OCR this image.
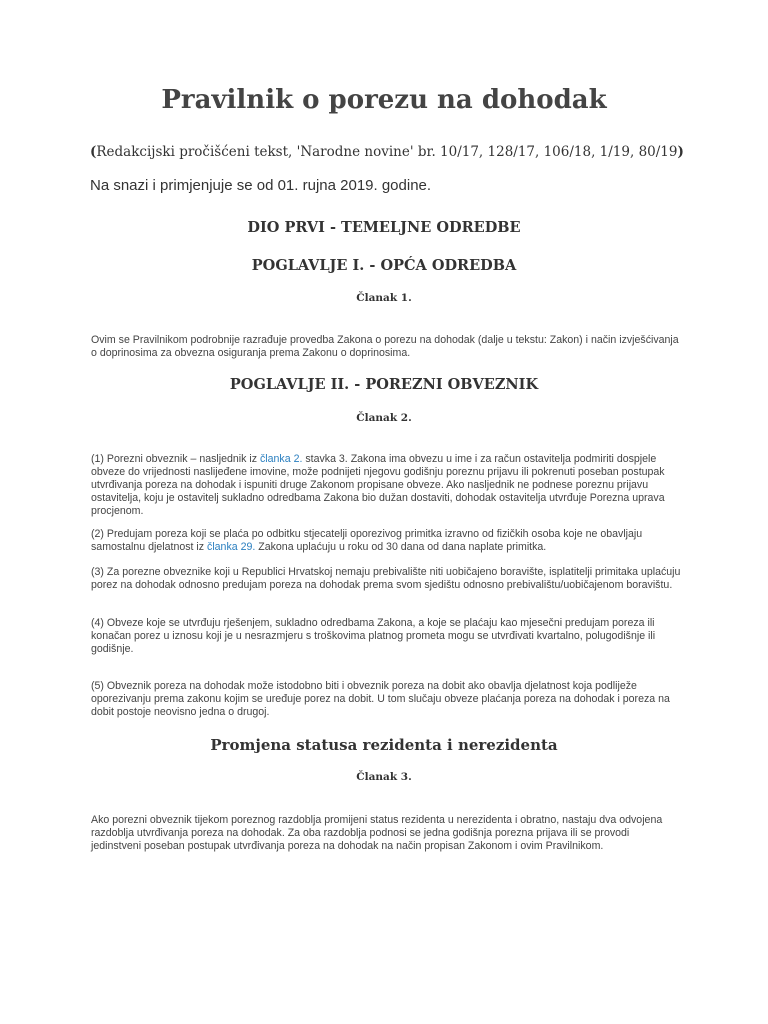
Pravilnik o porezu na dohodak
(Redakcijski pročišćeni tekst, 'Narodne novine' br. 10/17, 128/17, 106/18, 1/19, 80/19)
Na snazi i primjenjuje se od 01. rujna 2019. godine.
DIO PRVI - TEMELJNE ODREDBE
POGLAVLJE I. - OPĆA ODREDBA
Članak 1.

Ovim se Pravilnikom podrobnije razrađuje provedba Zakona o porezu na dohodak (dalje u tekstu: Zakon) i način izvješćivanja o doprinosima za obvezna osiguranja prema Zakonu o doprinosima.

POGLAVLJE II. - POREZNI OBVEZNIK
Članak 2.

(1) Porezni obveznik – nasljednik iz članka 2. stavka 3. Zakona ima obvezu u ime i za račun ostavitelja podmiriti dospjele obveze do vrijednosti naslijeđene imovine, može podnijeti njegovu godišnju poreznu prijavu ili pokrenuti poseban postupak utvrđivanja poreza na dohodak i ispuniti druge Zakonom propisane obveze. Ako nasljednik ne podnese poreznu prijavu ostavitelja, koju je ostavitelj sukladno odredbama Zakona bio dužan dostaviti, dohodak ostavitelja utvrđuje Porezna uprava procjenom.

(2) Predujam poreza koji se plaća po odbitku stjecatelji oporezivog primitka izravno od fizičkih osoba koje ne obavljaju samostalnu djelatnost iz članka 29. Zakona uplaćuju u roku od 30 dana od dana naplate primitka.

(3) Za porezne obveznike koji u Republici Hrvatskoj nemaju prebivalište niti uobičajeno boravište, isplatitelji primitaka uplaćuju porez na dohodak odnosno predujam poreza na dohodak prema svom sjedištu odnosno prebivalištu/uobičajenom boravištu.

(4) Obveze koje se utvrđuju rješenjem, sukladno odredbama Zakona, a koje se plaćaju kao mjesečni predujam poreza ili konačan porez u iznosu koji je u nesrazmjeru s troškovima platnog prometa mogu se utvrđivati kvartalno, polugodišnje ili godišnje.

(5) Obveznik poreza na dohodak može istodobno biti i obveznik poreza na dobit ako obavlja djelatnost koja podliježe oporezivanju prema zakonu kojim se uređuje porez na dobit. U tom slučaju obveze plaćanja poreza na dohodak i poreza na dobit postoje neovisno jedna o drugoj.

Promjena statusa rezidenta i nerezidenta
Članak 3.

Ako porezni obveznik tijekom poreznog razdoblja promijeni status rezidenta u nerezidenta i obratno, nastaju dva odvojena razdoblja utvrđivanja poreza na dohodak. Za oba razdoblja podnosi se jedna godišnja porezna prijava ili se provodi jedinstveni poseban postupak utvrđivanja poreza na dohodak na način propisan Zakonom i ovim Pravilnikom.
